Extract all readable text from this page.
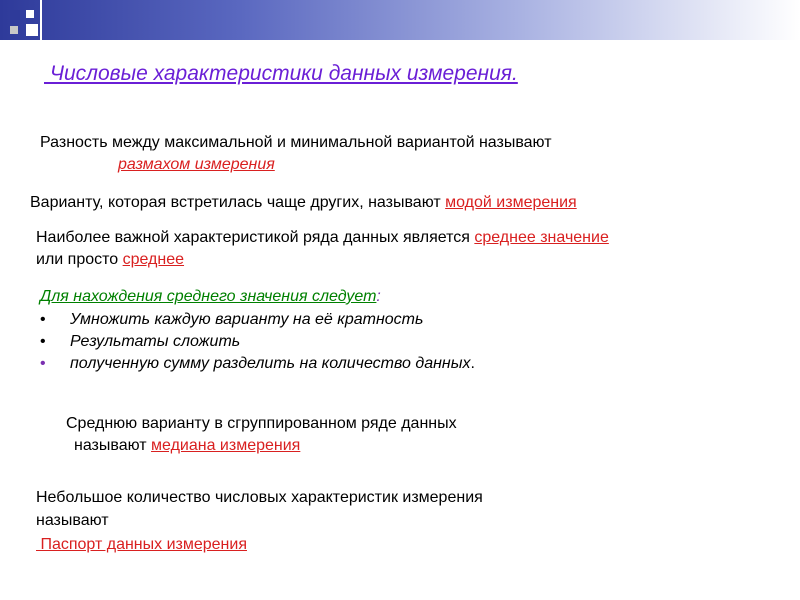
Числовые характеристики данных измерения.
Разность между максимальной и минимальной вариантой называют
размахом измерения
Варианту, которая встретилась чаще других, называют модой измерения
Наиболее важной характеристикой ряда данных является среднее значение
или просто среднее
Для нахождения среднего значения следует:
• Умножить каждую варианту на её кратность
• Результаты сложить
• полученную сумму разделить на количество данных.
Среднюю варианту в сгруппированном ряде данных
называют медиана измерения
Небольшое количество числовых характеристик измерения
называют
Паспорт данных измерения
